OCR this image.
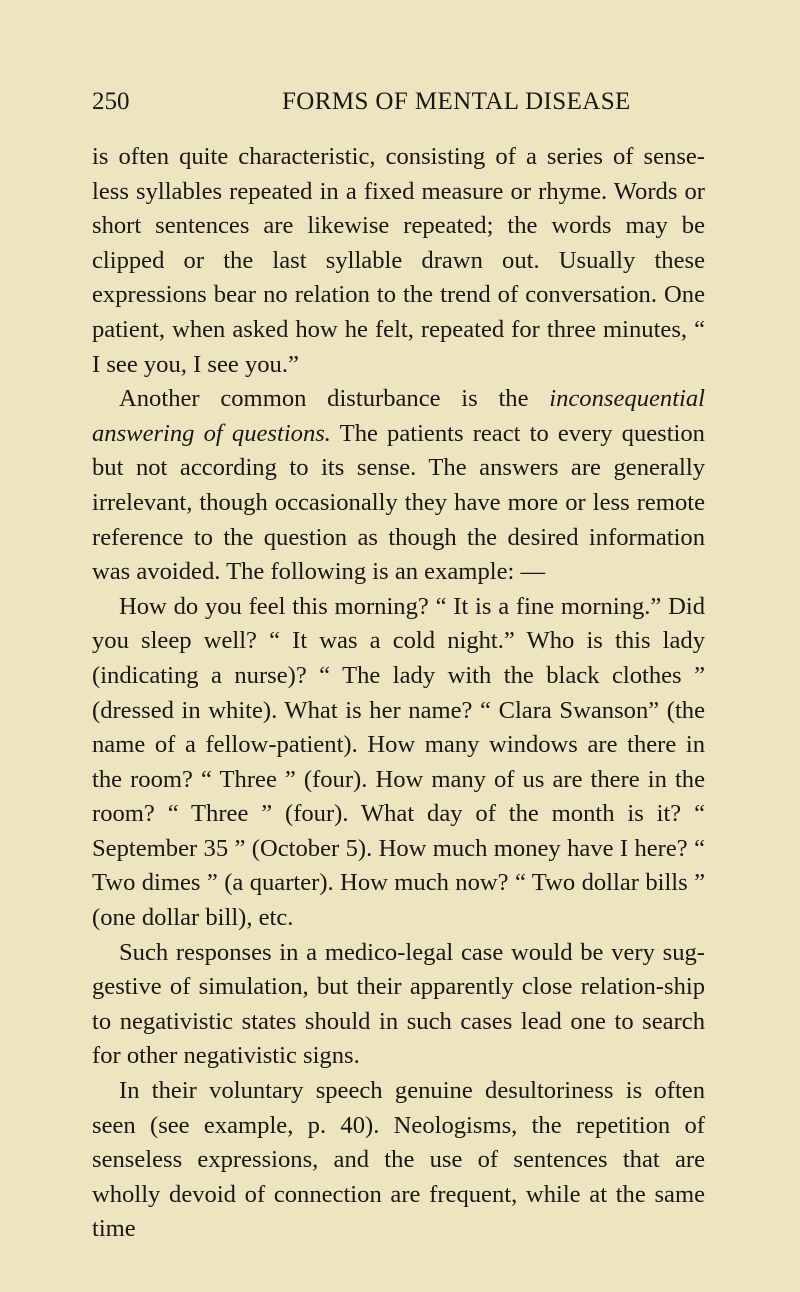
250	FORMS OF MENTAL DISEASE

is often quite characteristic, consisting of a series of sense-less syllables repeated in a fixed measure or rhyme. Words or short sentences are likewise repeated; the words may be clipped or the last syllable drawn out. Usually these expressions bear no relation to the trend of conversation. One patient, when asked how he felt, repeated for three minutes, “ I see you, I see you.”

Another common disturbance is the inconsequential answering of questions. The patients react to every question but not according to its sense. The answers are generally irrelevant, though occasionally they have more or less remote reference to the question as though the desired information was avoided. The following is an example: —

How do you feel this morning? “ It is a fine morning.” Did you sleep well? “ It was a cold night.” Who is this lady (indicating a nurse)? “ The lady with the black clothes ” (dressed in white). What is her name? “ Clara Swanson” (the name of a fellow-patient). How many windows are there in the room? “ Three ” (four). How many of us are there in the room? “ Three ” (four). What day of the month is it? “ September 35 ” (October 5). How much money have I here? “ Two dimes ” (a quarter). How much now? “ Two dollar bills ” (one dollar bill), etc.

Such responses in a medico-legal case would be very sug-gestive of simulation, but their apparently close relation-ship to negativistic states should in such cases lead one to search for other negativistic signs.

In their voluntary speech genuine desultoriness is often seen (see example, p. 40). Neologisms, the repetition of senseless expressions, and the use of sentences that are wholly devoid of connection are frequent, while at the same time
